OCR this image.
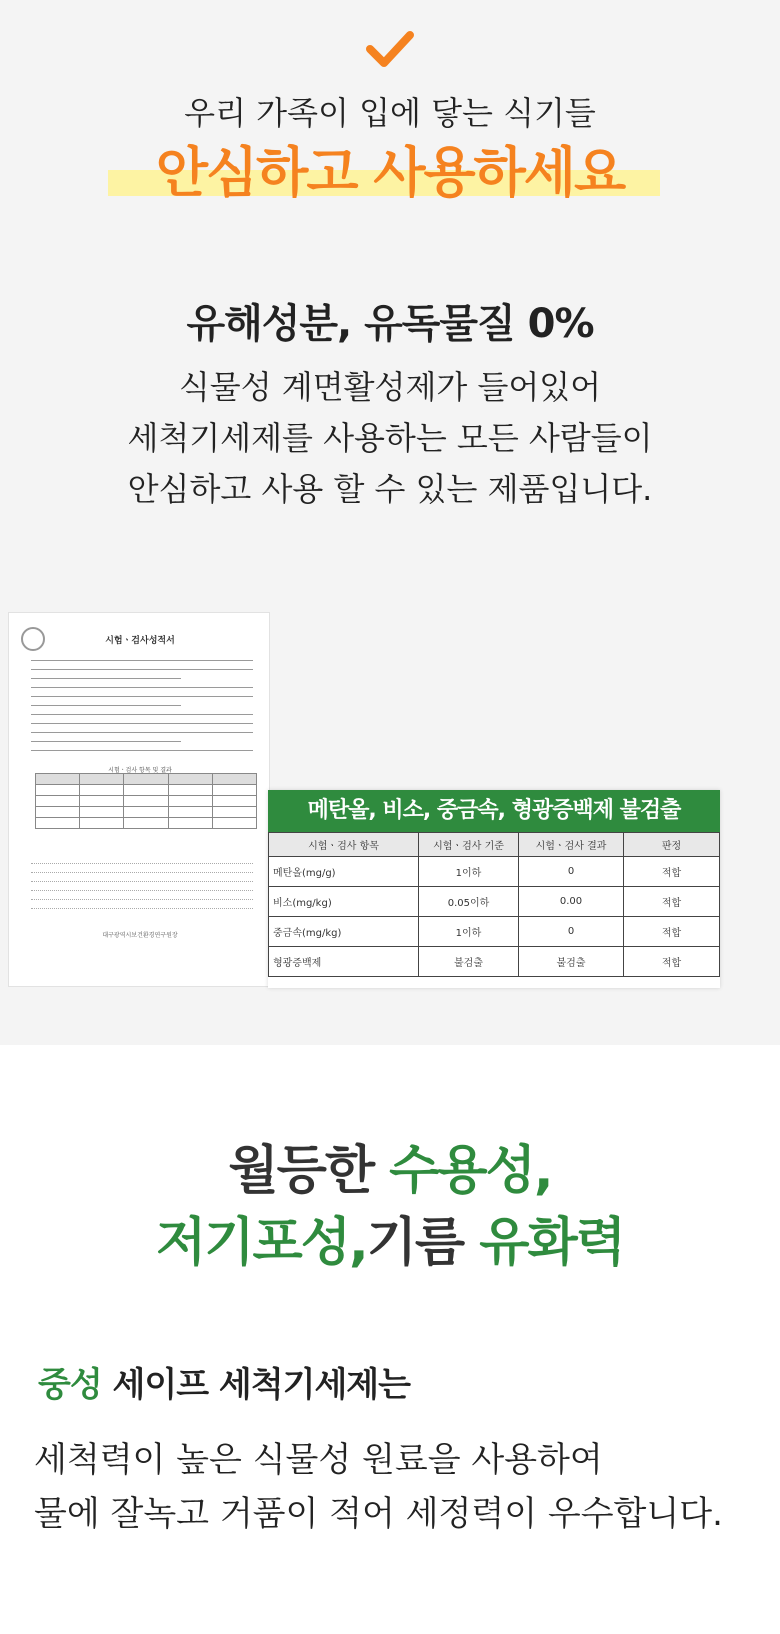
우리 가족이 입에 닿는 식기들
안심하고 사용하세요
유해성분, 유독물질 0%
식물성 계면활성제가 들어있어
세척기세제를 사용하는 모든 사람들이
안심하고 사용 할 수 있는 제품입니다.
시험ㆍ검사성적서
시험ㆍ검사 항목 및 결과

대구광역시보건환경연구원장
메탄올, 비소, 중금속, 형광증백제 불검출
시험ㆍ검사 항목	시험ㆍ검사 기준	시험ㆍ검사 결과	판정
메탄올(mg/g)	1이하	0	적합
비소(mg/kg)	0.05이하	0.00	적합
중금속(mg/kg)	1이하	0	적합
형광증백제	불검출	불검출	적합
월등한 수용성,
저기포성,기름 유화력
중성 세이프 세척기세제는
세척력이 높은 식물성 원료을 사용하여
물에 잘녹고 거품이 적어 세정력이 우수합니다.
